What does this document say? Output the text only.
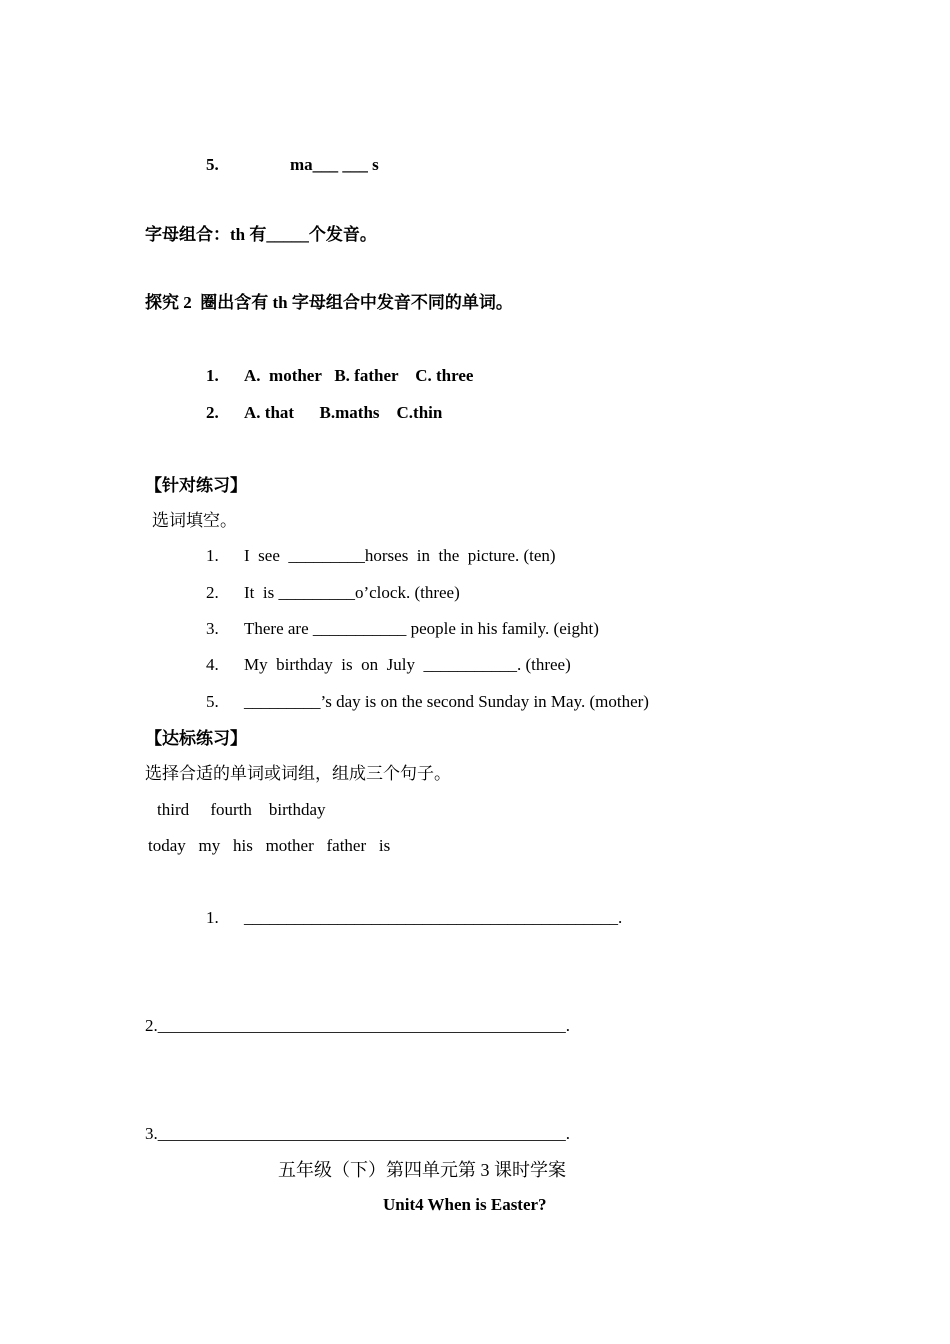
5.	ma___ ___ s
字母组合：th 有_____个发音。
探究 2  圈出含有 th 字母组合中发音不同的单词。
1. A.  mother   B. father    C. three
2. A. that      B.maths    C.thin
【针对练习】
选词填空。
1. I  see  _________horses  in  the  picture. (ten)
2. It  is _________o’clock. (three)
3. There are ___________ people in his family. (eight)
4. My  birthday  is  on  July  ___________. (three)
5. _________’s day is on the second Sunday in May. (mother)
【达标练习】
选择合适的单词或词组，组成三个句子。
third     fourth    birthday
today   my   his   mother   father   is
1. ____________________________________________.
2.________________________________________________.
3.________________________________________________.
五年级（下）第四单元第 3 课时学案
Unit4 When is Easter?
